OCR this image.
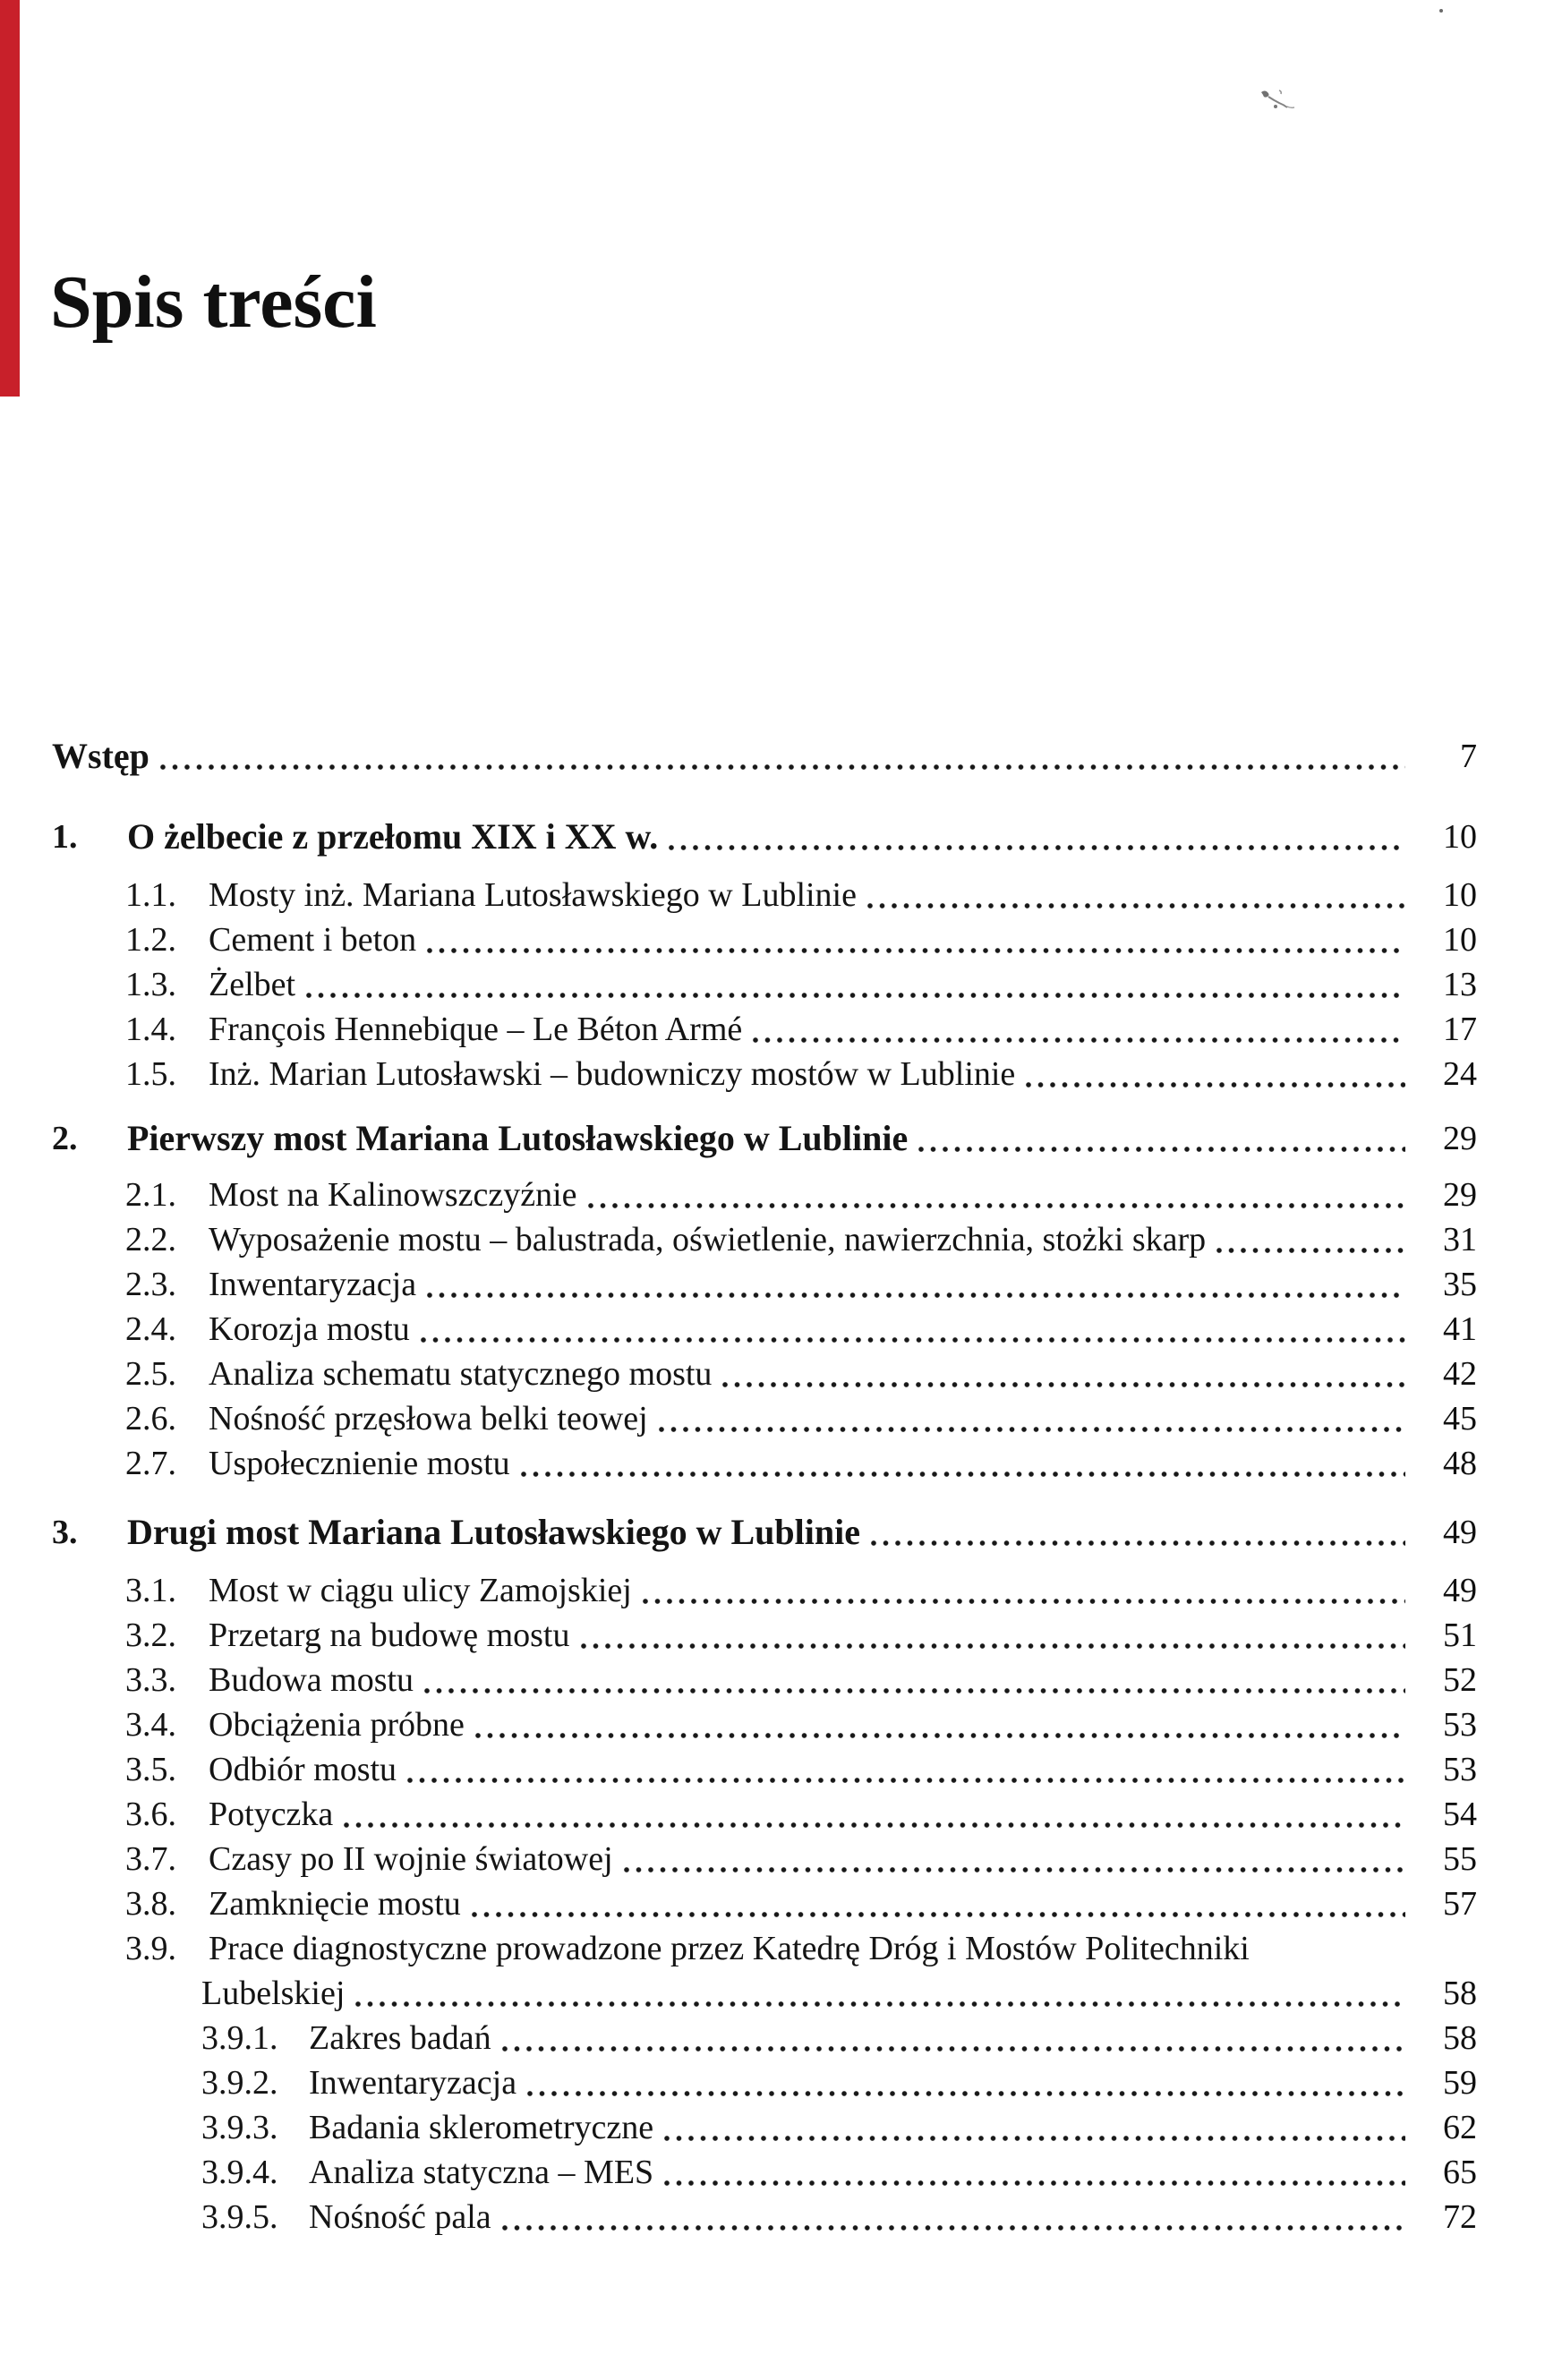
Spis treści
Wstęp	7
1.	O żelbecie z przełomu XIX i XX w.	10
1.1. Mosty inż. Mariana Lutosławskiego w Lublinie	10
1.2. Cement i beton	10
1.3. Żelbet	13
1.4. François Hennebique – Le Béton Armé	17
1.5. Inż. Marian Lutosławski – budowniczy mostów w Lublinie	24
2.	Pierwszy most Mariana Lutosławskiego w Lublinie	29
2.1. Most na Kalinowszczyźnie	29
2.2. Wyposażenie mostu – balustrada, oświetlenie, nawierzchnia, stożki skarp	31
2.3. Inwentaryzacja	35
2.4. Korozja mostu	41
2.5. Analiza schematu statycznego mostu	42
2.6. Nośność przęsłowa belki teowej	45
2.7. Uspołecznienie mostu	48
3.	Drugi most Mariana Lutosławskiego w Lublinie	49
3.1. Most w ciągu ulicy Zamojskiej	49
3.2. Przetarg na budowę mostu	51
3.3. Budowa mostu	52
3.4. Obciążenia próbne	53
3.5. Odbiór mostu	53
3.6. Potyczka	54
3.7. Czasy po II wojnie światowej	55
3.8. Zamknięcie mostu	57
3.9. Prace diagnostyczne prowadzone przez Katedrę Dróg i Mostów Politechniki
Lubelskiej	58
3.9.1. Zakres badań	58
3.9.2. Inwentaryzacja	59
3.9.3. Badania sklerometryczne	62
3.9.4. Analiza statyczna – MES	65
3.9.5. Nośność pala	72
